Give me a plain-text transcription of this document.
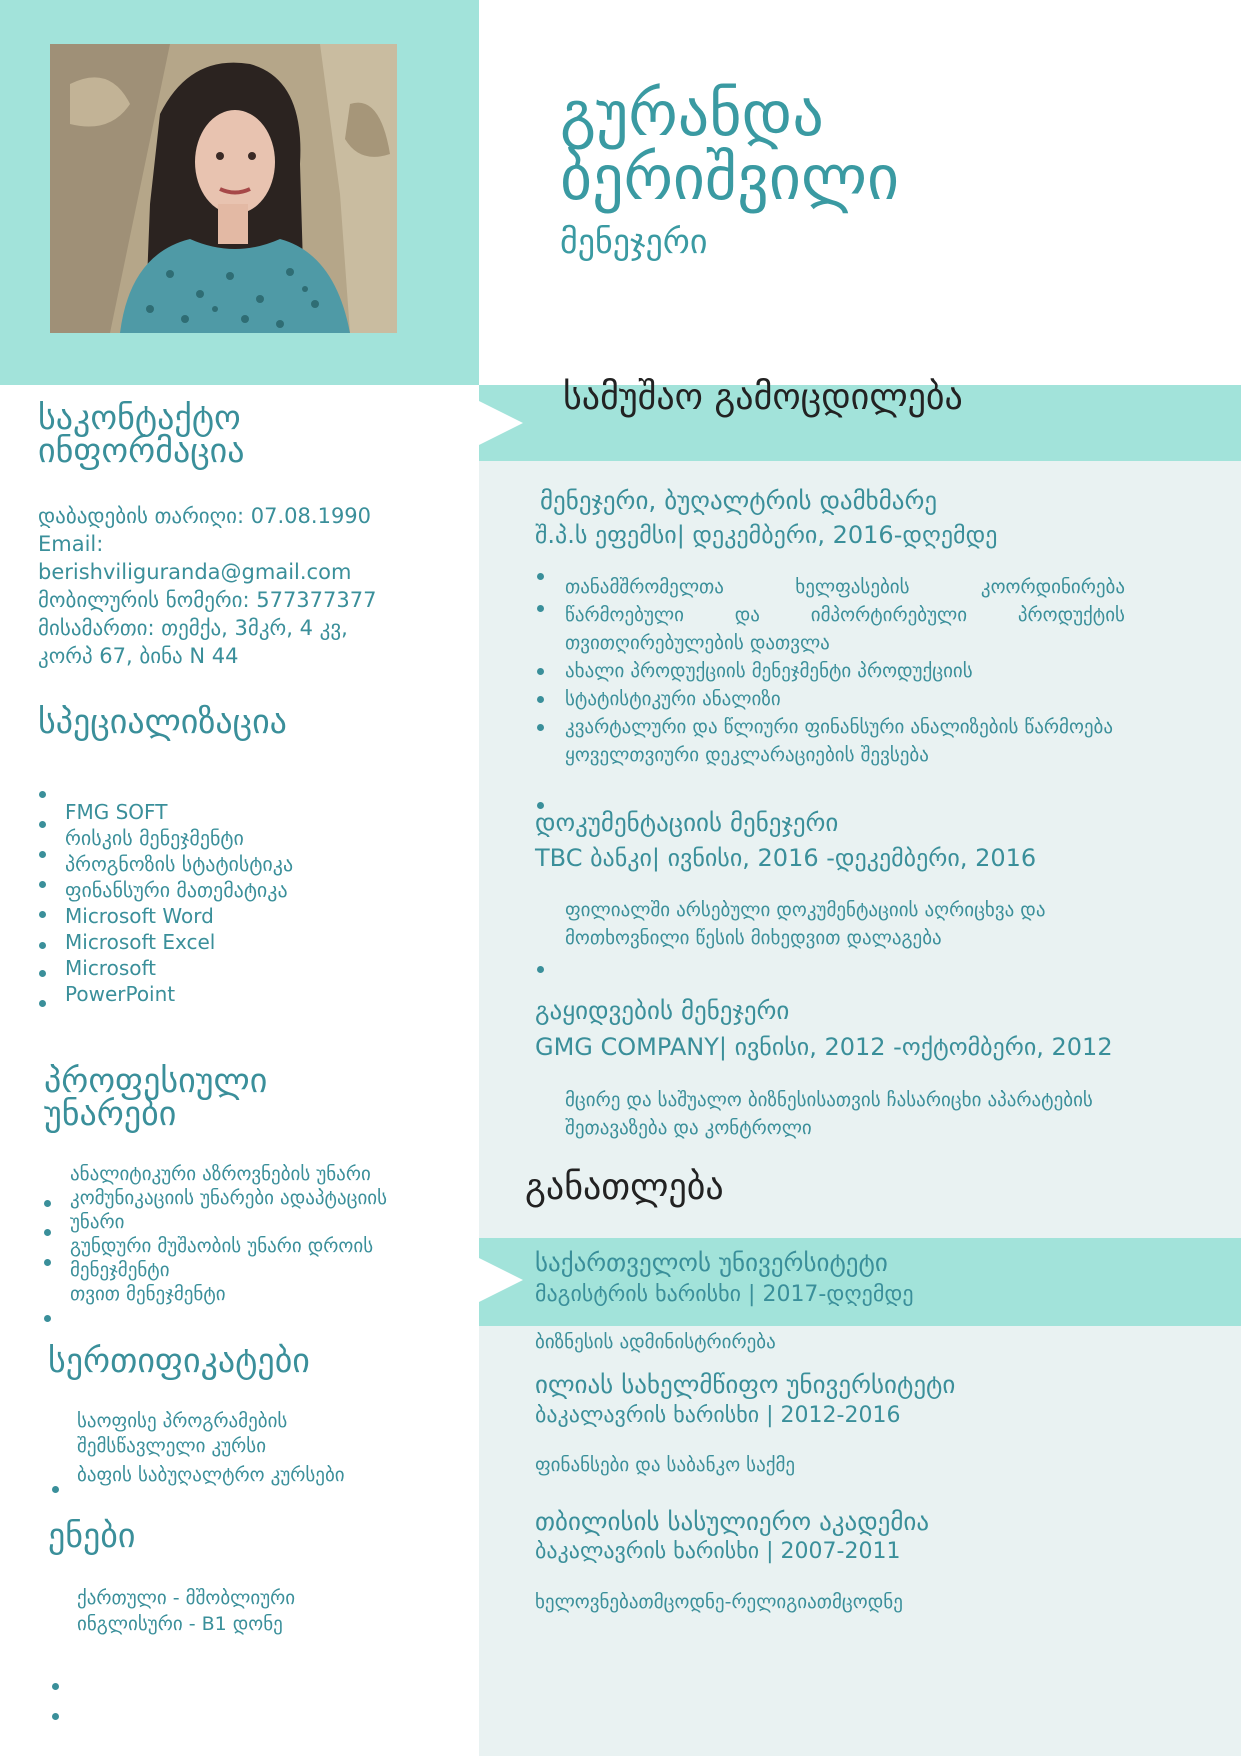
გურანდა
ბერიშვილი
მენეჯერი
საკონტაქტო
ინფორმაცია
დაბადების თარიღი: 07.08.1990
Email:
berishviliguranda@gmail.com
მობილურის ნომერი: 577377377
მისამართი: თემქა, 3მკრ, 4 კვ,
კორპ 67, ბინა N 44
სპეციალიზაცია
FMG SOFT
რისკის მენეჯმენტი
პროგნოზის სტატისტიკა
ფინანსური მათემატიკა
Microsoft Word
Microsoft Excel
Microsoft
PowerPoint
პროფესიული
უნარები
ანალიტიკური აზროვნების უნარი
კომუნიკაციის უნარები ადაპტაციის
უნარი
გუნდური მუშაობის უნარი დროის
მენეჯმენტი
თვით მენეჯმენტი
სერთიფიკატები
საოფისე პროგრამების
შემსწავლელი კურსი
ბაფის საბუღალტრო კურსები
ენები
ქართული - მშობლიური
ინგლისური - B1 დონე
სამუშაო გამოცდილება
მენეჯერი, ბუღალტრის დამხმარე
შ.პ.ს ეფემსი| დეკემბერი, 2016-დღემდე
თანამშრომელთა ხელფასების კოორდინირება
წარმოებული და იმპორტირებული პროდუქტის
თვითღირებულების დათვლა
ახალი პროდუქციის მენეჯმენტი პროდუქციის
სტატისტიკური ანალიზი
კვარტალური და წლიური ფინანსური ანალიზების წარმოება
ყოველთვიური დეკლარაციების შევსება
დოკუმენტაციის მენეჯერი
TBC ბანკი| ივნისი, 2016 -დეკემბერი, 2016
ფილიალში არსებული დოკუმენტაციის აღრიცხვა და
მოთხოვნილი წესის მიხედვით დალაგება
გაყიდვების მენეჯერი
GMG COMPANY| ივნისი, 2012 -ოქტომბერი, 2012
მცირე და საშუალო ბიზნესისათვის ჩასარიცხი აპარატების
შეთავაზება და კონტროლი
განათლება
საქართველოს უნივერსიტეტი
მაგისტრის ხარისხი | 2017-დღემდე
ბიზნესის ადმინისტრირება
ილიას სახელმწიფო უნივერსიტეტი
ბაკალავრის ხარისხი | 2012-2016
ფინანსები და საბანკო საქმე
თბილისის სასულიერო აკადემია
ბაკალავრის ხარისხი | 2007-2011
ხელოვნებათმცოდნე-რელიგიათმცოდნე
